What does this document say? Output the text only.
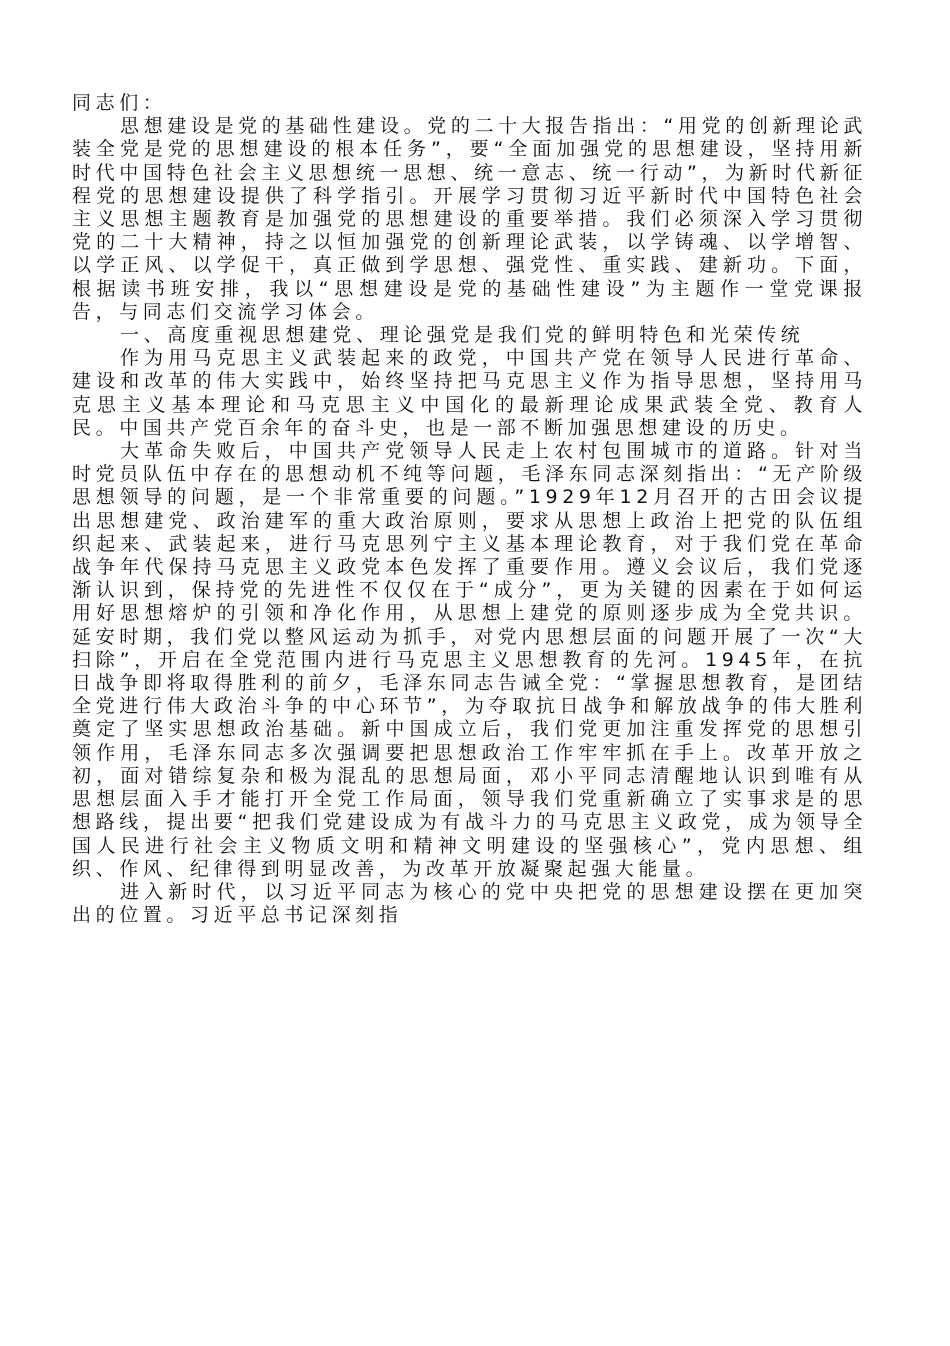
同志们：

思想建设是党的基础性建设。党的二十大报告指出：“用党的创新理论武装全党是党的思想建设的根本任务”，要“全面加强党的思想建设，坚持用新时代中国特色社会主义思想统一思想、统一意志、统一行动”，为新时代新征程党的思想建设提供了科学指引。开展学习贯彻习近平新时代中国特色社会主义思想主题教育是加强党的思想建设的重要举措。我们必须深入学习贯彻党的二十大精神，持之以恒加强党的创新理论武装，以学铸魂、以学增智、以学正风、以学促干，真正做到学思想、强党性、重实践、建新功。下面，根据读书班安排，我以“思想建设是党的基础性建设”为主题作一堂党课报告，与同志们交流学习体会。

一、高度重视思想建党、理论强党是我们党的鲜明特色和光荣传统

作为用马克思主义武装起来的政党，中国共产党在领导人民进行革命、建设和改革的伟大实践中，始终坚持把马克思主义作为指导思想，坚持用马克思主义基本理论和马克思主义中国化的最新理论成果武装全党、教育人民。中国共产党百余年的奋斗史，也是一部不断加强思想建设的历史。

大革命失败后，中国共产党领导人民走上农村包围城市的道路。针对当时党员队伍中存在的思想动机不纯等问题，毛泽东同志深刻指出：“无产阶级思想领导的问题，是一个非常重要的问题。”1929年12月召开的古田会议提出思想建党、政治建军的重大政治原则，要求从思想上政治上把党的队伍组织起来、武装起来，进行马克思列宁主义基本理论教育，对于我们党在革命战争年代保持马克思主义政党本色发挥了重要作用。遵义会议后，我们党逐渐认识到，保持党的先进性不仅仅在于“成分”，更为关键的因素在于如何运用好思想熔炉的引领和净化作用，从思想上建党的原则逐步成为全党共识。延安时期，我们党以整风运动为抓手，对党内思想层面的问题开展了一次“大扫除”，开启在全党范围内进行马克思主义思想教育的先河。1945年，在抗日战争即将取得胜利的前夕，毛泽东同志告诫全党：“掌握思想教育，是团结全党进行伟大政治斗争的中心环节”，为夺取抗日战争和解放战争的伟大胜利奠定了坚实思想政治基础。新中国成立后，我们党更加注重发挥党的思想引领作用，毛泽东同志多次强调要把思想政治工作牢牢抓在手上。改革开放之初，面对错综复杂和极为混乱的思想局面，邓小平同志清醒地认识到唯有从思想层面入手才能打开全党工作局面，领导我们党重新确立了实事求是的思想路线，提出要“把我们党建设成为有战斗力的马克思主义政党，成为领导全国人民进行社会主义物质文明和精神文明建设的坚强核心”，党内思想、组织、作风、纪律得到明显改善，为改革开放凝聚起强大能量。

进入新时代，以习近平同志为核心的党中央把党的思想建设摆在更加突出的位置。习近平总书记深刻指
